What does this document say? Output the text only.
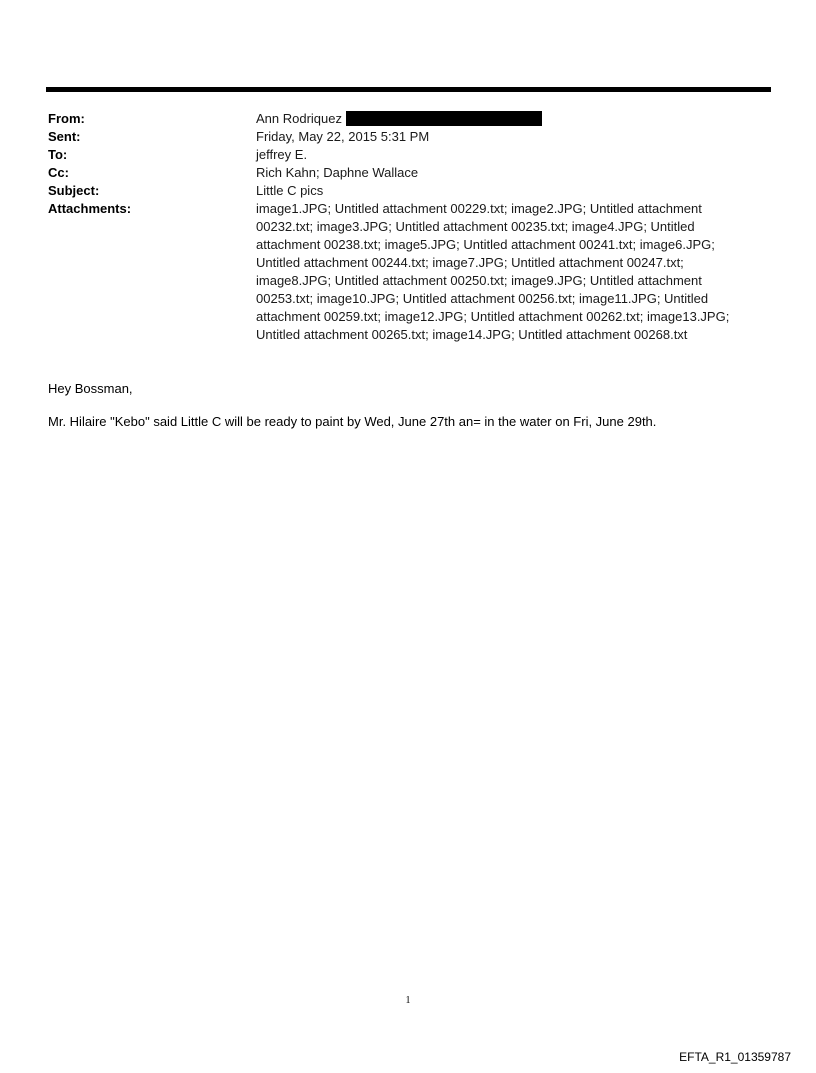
From:	Ann Rodriquez
Sent:	Friday, May 22, 2015 5:31 PM
To:	jeffrey E.
Cc:	Rich Kahn; Daphne Wallace
Subject:	Little C pics
Attachments:	image1.JPG; Untitled attachment 00229.txt; image2.JPG; Untitled attachment 00232.txt; image3.JPG; Untitled attachment 00235.txt; image4.JPG; Untitled attachment 00238.txt; image5.JPG; Untitled attachment 00241.txt; image6.JPG; Untitled attachment 00244.txt; image7.JPG; Untitled attachment 00247.txt; image8.JPG; Untitled attachment 00250.txt; image9.JPG; Untitled attachment 00253.txt; image10.JPG; Untitled attachment 00256.txt; image11.JPG; Untitled attachment 00259.txt; image12.JPG; Untitled attachment 00262.txt; image13.JPG; Untitled attachment 00265.txt; image14.JPG; Untitled attachment 00268.txt

Hey Bossman,

Mr. Hilaire "Kebo" said Little C will be ready to paint by Wed, June 27th an= in the water on Fri, June 29th.

1
EFTA_R1_01359787
